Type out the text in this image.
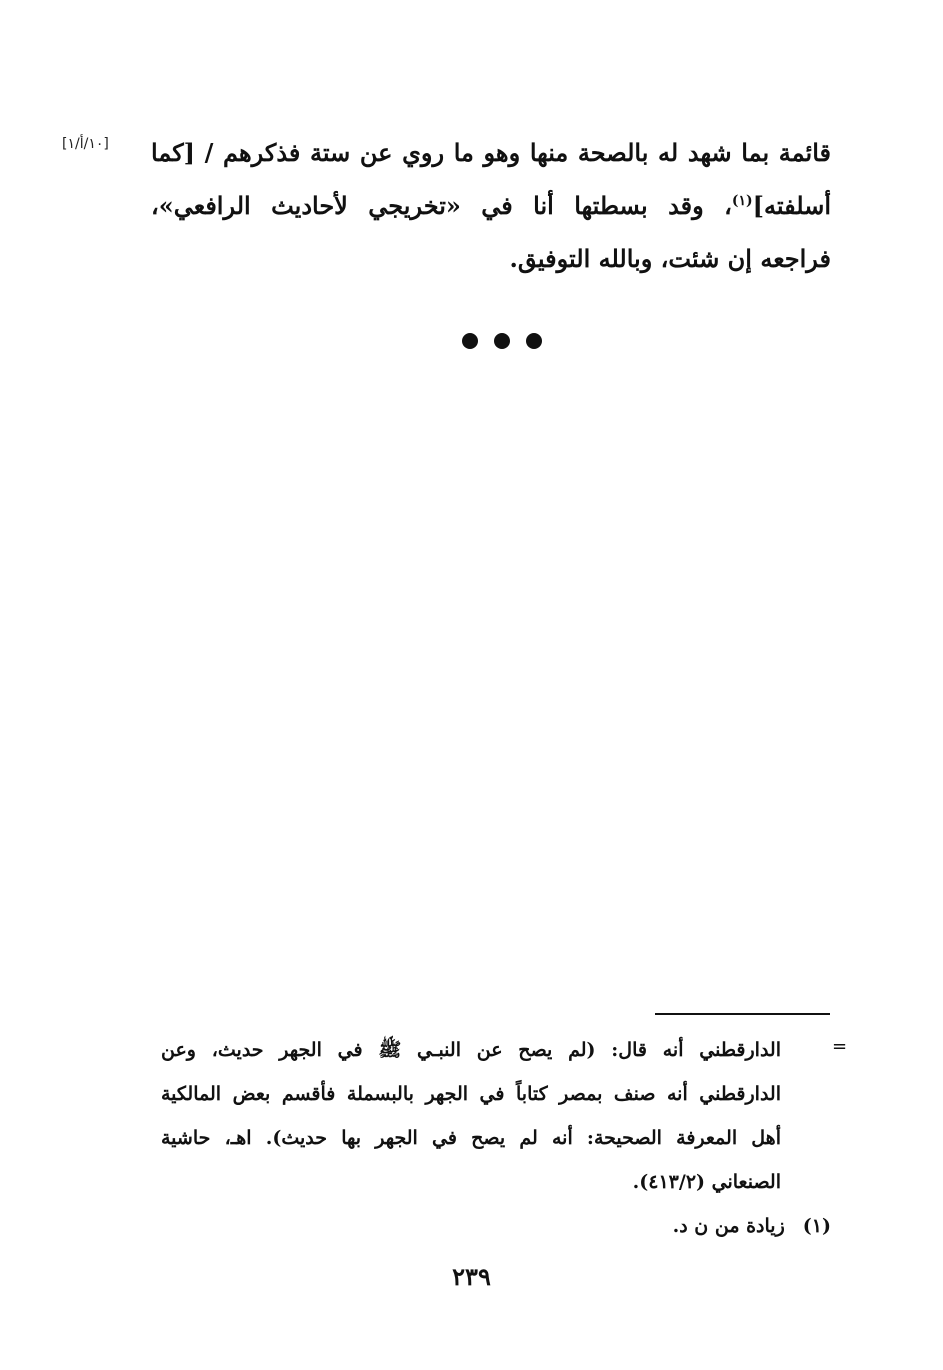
[١٠/أ/١] قائمة بما شهد له بالصحة منها وهو ما روي عن ستة فذكرهم / [كما
أسلفته]$^{(١)}$، وقد بسطتها أنا في «تخريجي لأحاديث الرافعي»،
فراجعه إن شئت، وبالله التوفيق.
=
الدارقطني أنه قال: (لم يصح عن النبـي ﷺ في الجهر حديث، وعن
الدارقطني أنه صنف بمصر كتاباً في الجهر بالبسملة فأقسم بعض المالكية
أهل المعرفة الصحيحة: أنه لم يصح في الجهر بها حديث). اهـ، حاشية
الصنعاني (٤١٣/٢).
(١)زيادة من ن د.
٢٣٩
